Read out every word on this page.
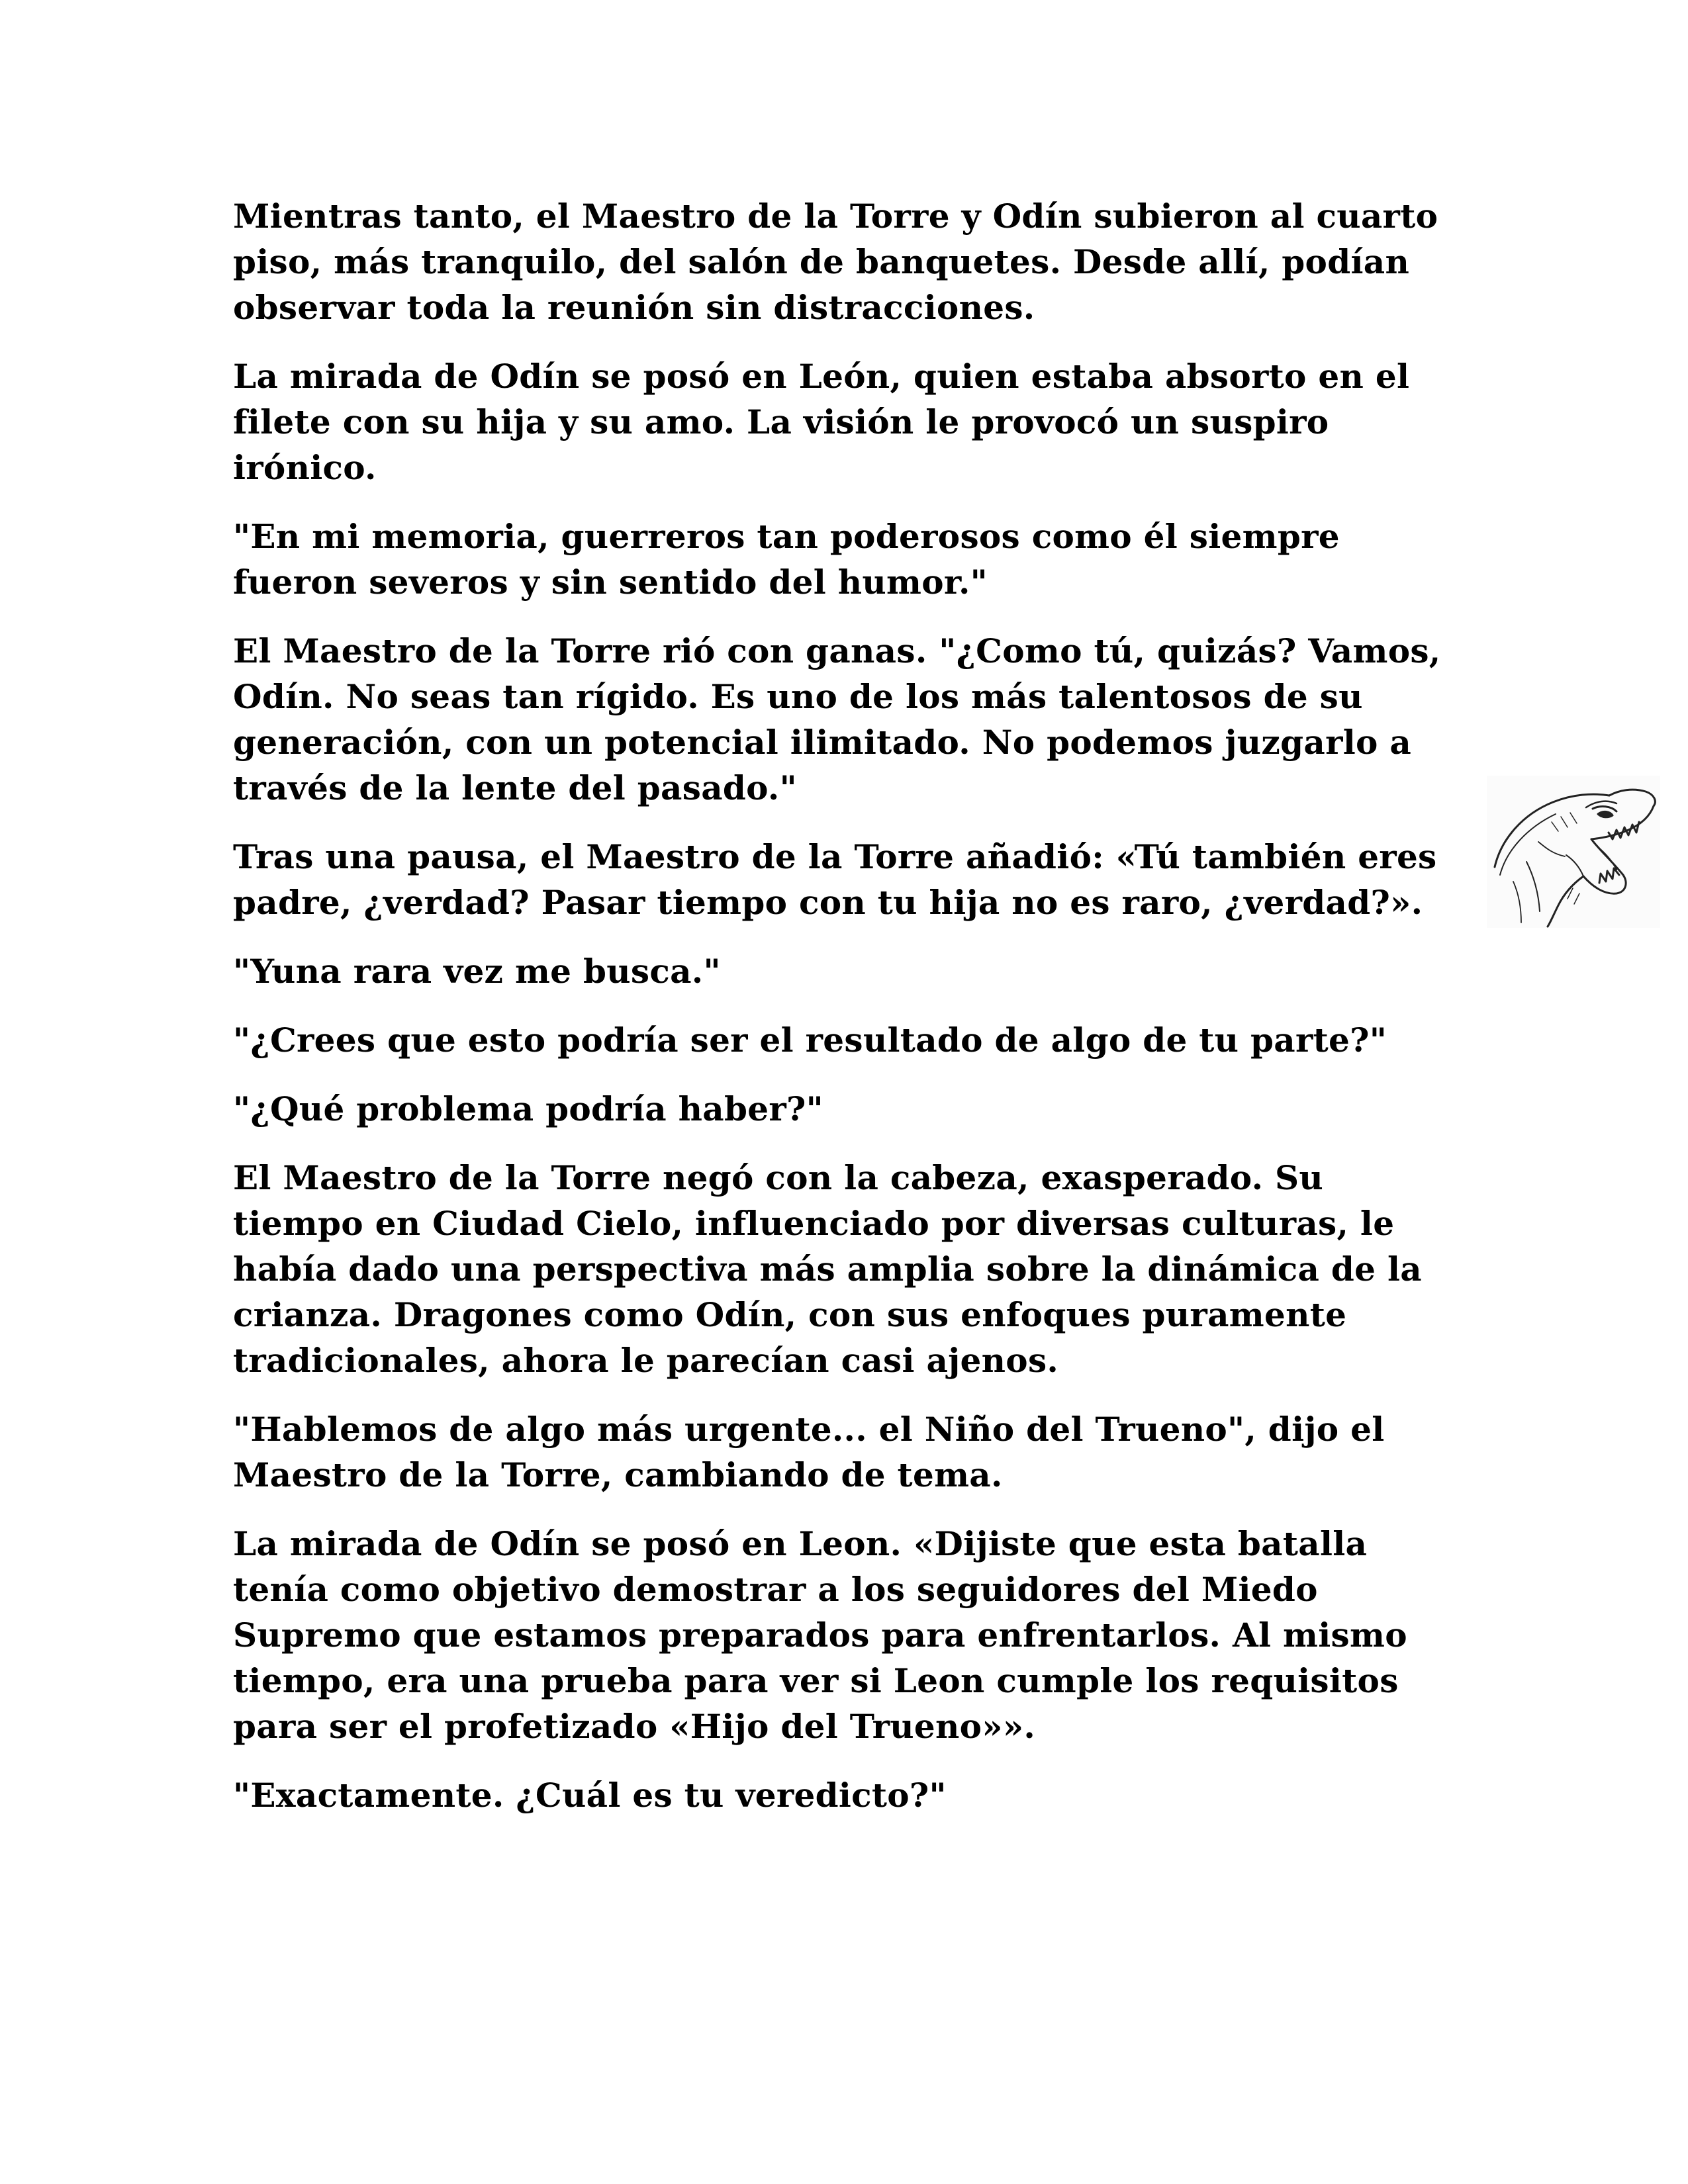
Mientras tanto, el Maestro de la Torre y Odín subieron al cuarto piso, más tranquilo, del salón de banquetes. Desde allí, podían observar toda la reunión sin distracciones.

La mirada de Odín se posó en León, quien estaba absorto en el filete con su hija y su amo. La visión le provocó un suspiro irónico.

"En mi memoria, guerreros tan poderosos como él siempre fueron severos y sin sentido del humor."

El Maestro de la Torre rió con ganas. "¿Como tú, quizás? Vamos, Odín. No seas tan rígido. Es uno de los más talentosos de su generación, con un potencial ilimitado. No podemos juzgarlo a través de la lente del pasado."

Tras una pausa, el Maestro de la Torre añadió: «Tú también eres padre, ¿verdad? Pasar tiempo con tu hija no es raro, ¿verdad?».

"Yuna rara vez me busca."

"¿Crees que esto podría ser el resultado de algo de tu parte?"

"¿Qué problema podría haber?"

El Maestro de la Torre negó con la cabeza, exasperado. Su tiempo en Ciudad Cielo, influenciado por diversas culturas, le había dado una perspectiva más amplia sobre la dinámica de la crianza. Dragones como Odín, con sus enfoques puramente tradicionales, ahora le parecían casi ajenos.

"Hablemos de algo más urgente... el Niño del Trueno", dijo el Maestro de la Torre, cambiando de tema.

La mirada de Odín se posó en Leon. «Dijiste que esta batalla tenía como objetivo demostrar a los seguidores del Miedo Supremo que estamos preparados para enfrentarlos. Al mismo tiempo, era una prueba para ver si Leon cumple los requisitos para ser el profetizado «Hijo del Trueno»».

"Exactamente. ¿Cuál es tu veredicto?"
